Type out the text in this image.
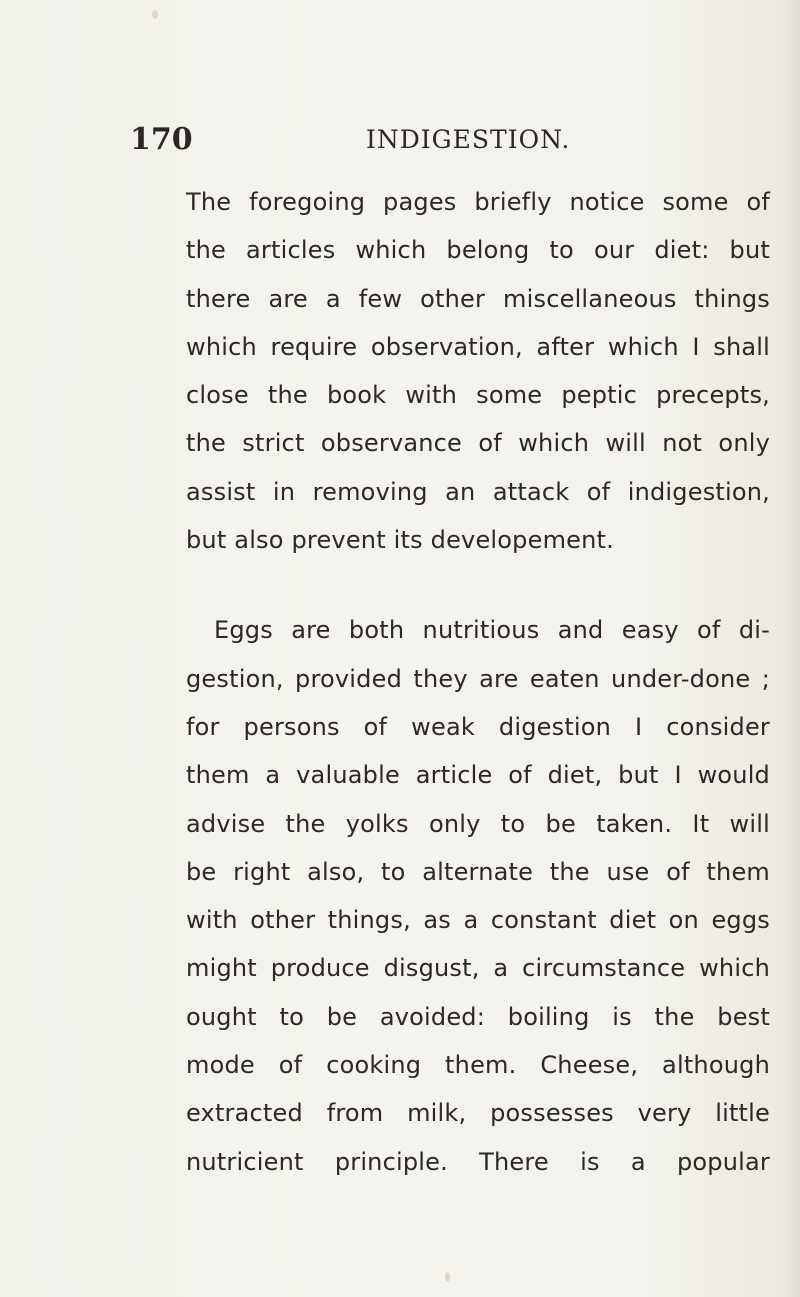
170	INDIGESTION.
The foregoing pages briefly notice some of
the articles which belong to our diet: but
there are a few other miscellaneous things
which require observation, after which I shall
close the book with some peptic precepts,
the strict observance of which will not only
assist in removing an attack of indigestion,
but also prevent its developement.
Eggs are both nutritious and easy of di-
gestion, provided they are eaten under-done ;
for persons of weak digestion I consider
them a valuable article of diet, but I would
advise the yolks only to be taken. It will
be right also, to alternate the use of them
with other things, as a constant diet on eggs
might produce disgust, a circumstance which
ought to be avoided: boiling is the best
mode of cooking them. Cheese, although
extracted from milk, possesses very little
nutricient principle. There is a popular
